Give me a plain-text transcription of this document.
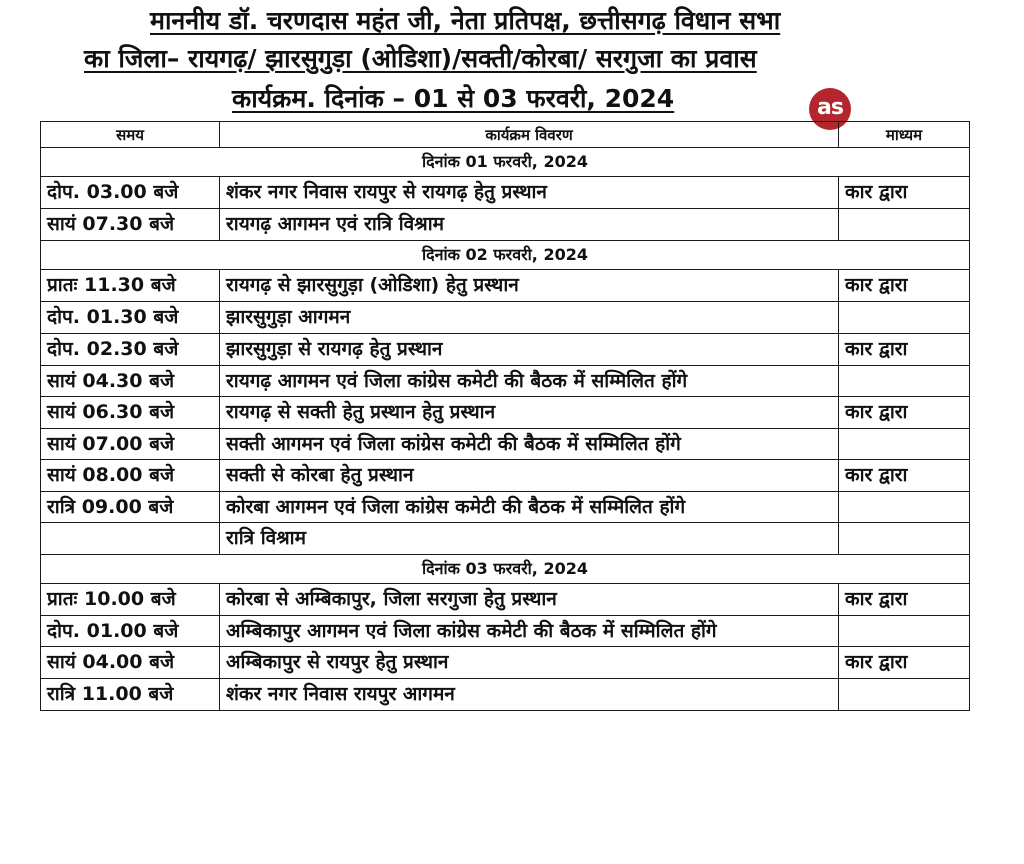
माननीय डॉ. चरणदास महंत जी, नेता प्रतिपक्ष, छत्तीसगढ़ विधान सभा
का जिला– रायगढ़/ झारसुगुड़ा (ओडिशा)/सक्ती/कोरबा/ सरगुजा का प्रवास
कार्यक्रम. दिनांक – 01 से 03 फरवरी, 2024	as
समय	कार्यक्रम विवरण	माध्यम
दिनांक 01 फरवरी, 2024		
दोप. 03.00 बजे	शंकर नगर निवास रायपुर से रायगढ़ हेतु प्रस्थान	कार द्वारा
सायं 07.30 बजे	रायगढ़ आगमन एवं रात्रि विश्राम	
दिनांक 02 फरवरी, 2024		
प्रातः 11.30 बजे	रायगढ़ से झारसुगुड़ा (ओडिशा) हेतु प्रस्थान	कार द्वारा
दोप. 01.30 बजे	झारसुगुड़ा आगमन	
दोप. 02.30 बजे	झारसुगुड़ा से रायगढ़ हेतु प्रस्थान	कार द्वारा
सायं 04.30 बजे	रायगढ़ आगमन एवं जिला कांग्रेस कमेटी की बैठक में सम्मिलित होंगे	
सायं 06.30 बजे	रायगढ़ से सक्ती हेतु प्रस्थान हेतु प्रस्थान	कार द्वारा
सायं 07.00 बजे	सक्ती आगमन एवं जिला कांग्रेस कमेटी की बैठक में सम्मिलित होंगे	
सायं 08.00 बजे	सक्ती से कोरबा हेतु प्रस्थान	कार द्वारा
रात्रि 09.00 बजे	कोरबा आगमन एवं जिला कांग्रेस कमेटी की बैठक में सम्मिलित होंगे	
	रात्रि विश्राम	
दिनांक 03 फरवरी, 2024		
प्रातः 10.00 बजे	कोरबा से अम्बिकापुर, जिला सरगुजा हेतु प्रस्थान	कार द्वारा
दोप. 01.00 बजे	अम्बिकापुर आगमन एवं जिला कांग्रेस कमेटी की बैठक में सम्मिलित होंगे	
सायं 04.00 बजे	अम्बिकापुर से रायपुर हेतु प्रस्थान	कार द्वारा
रात्रि 11.00 बजे	शंकर नगर निवास रायपुर आगमन	
